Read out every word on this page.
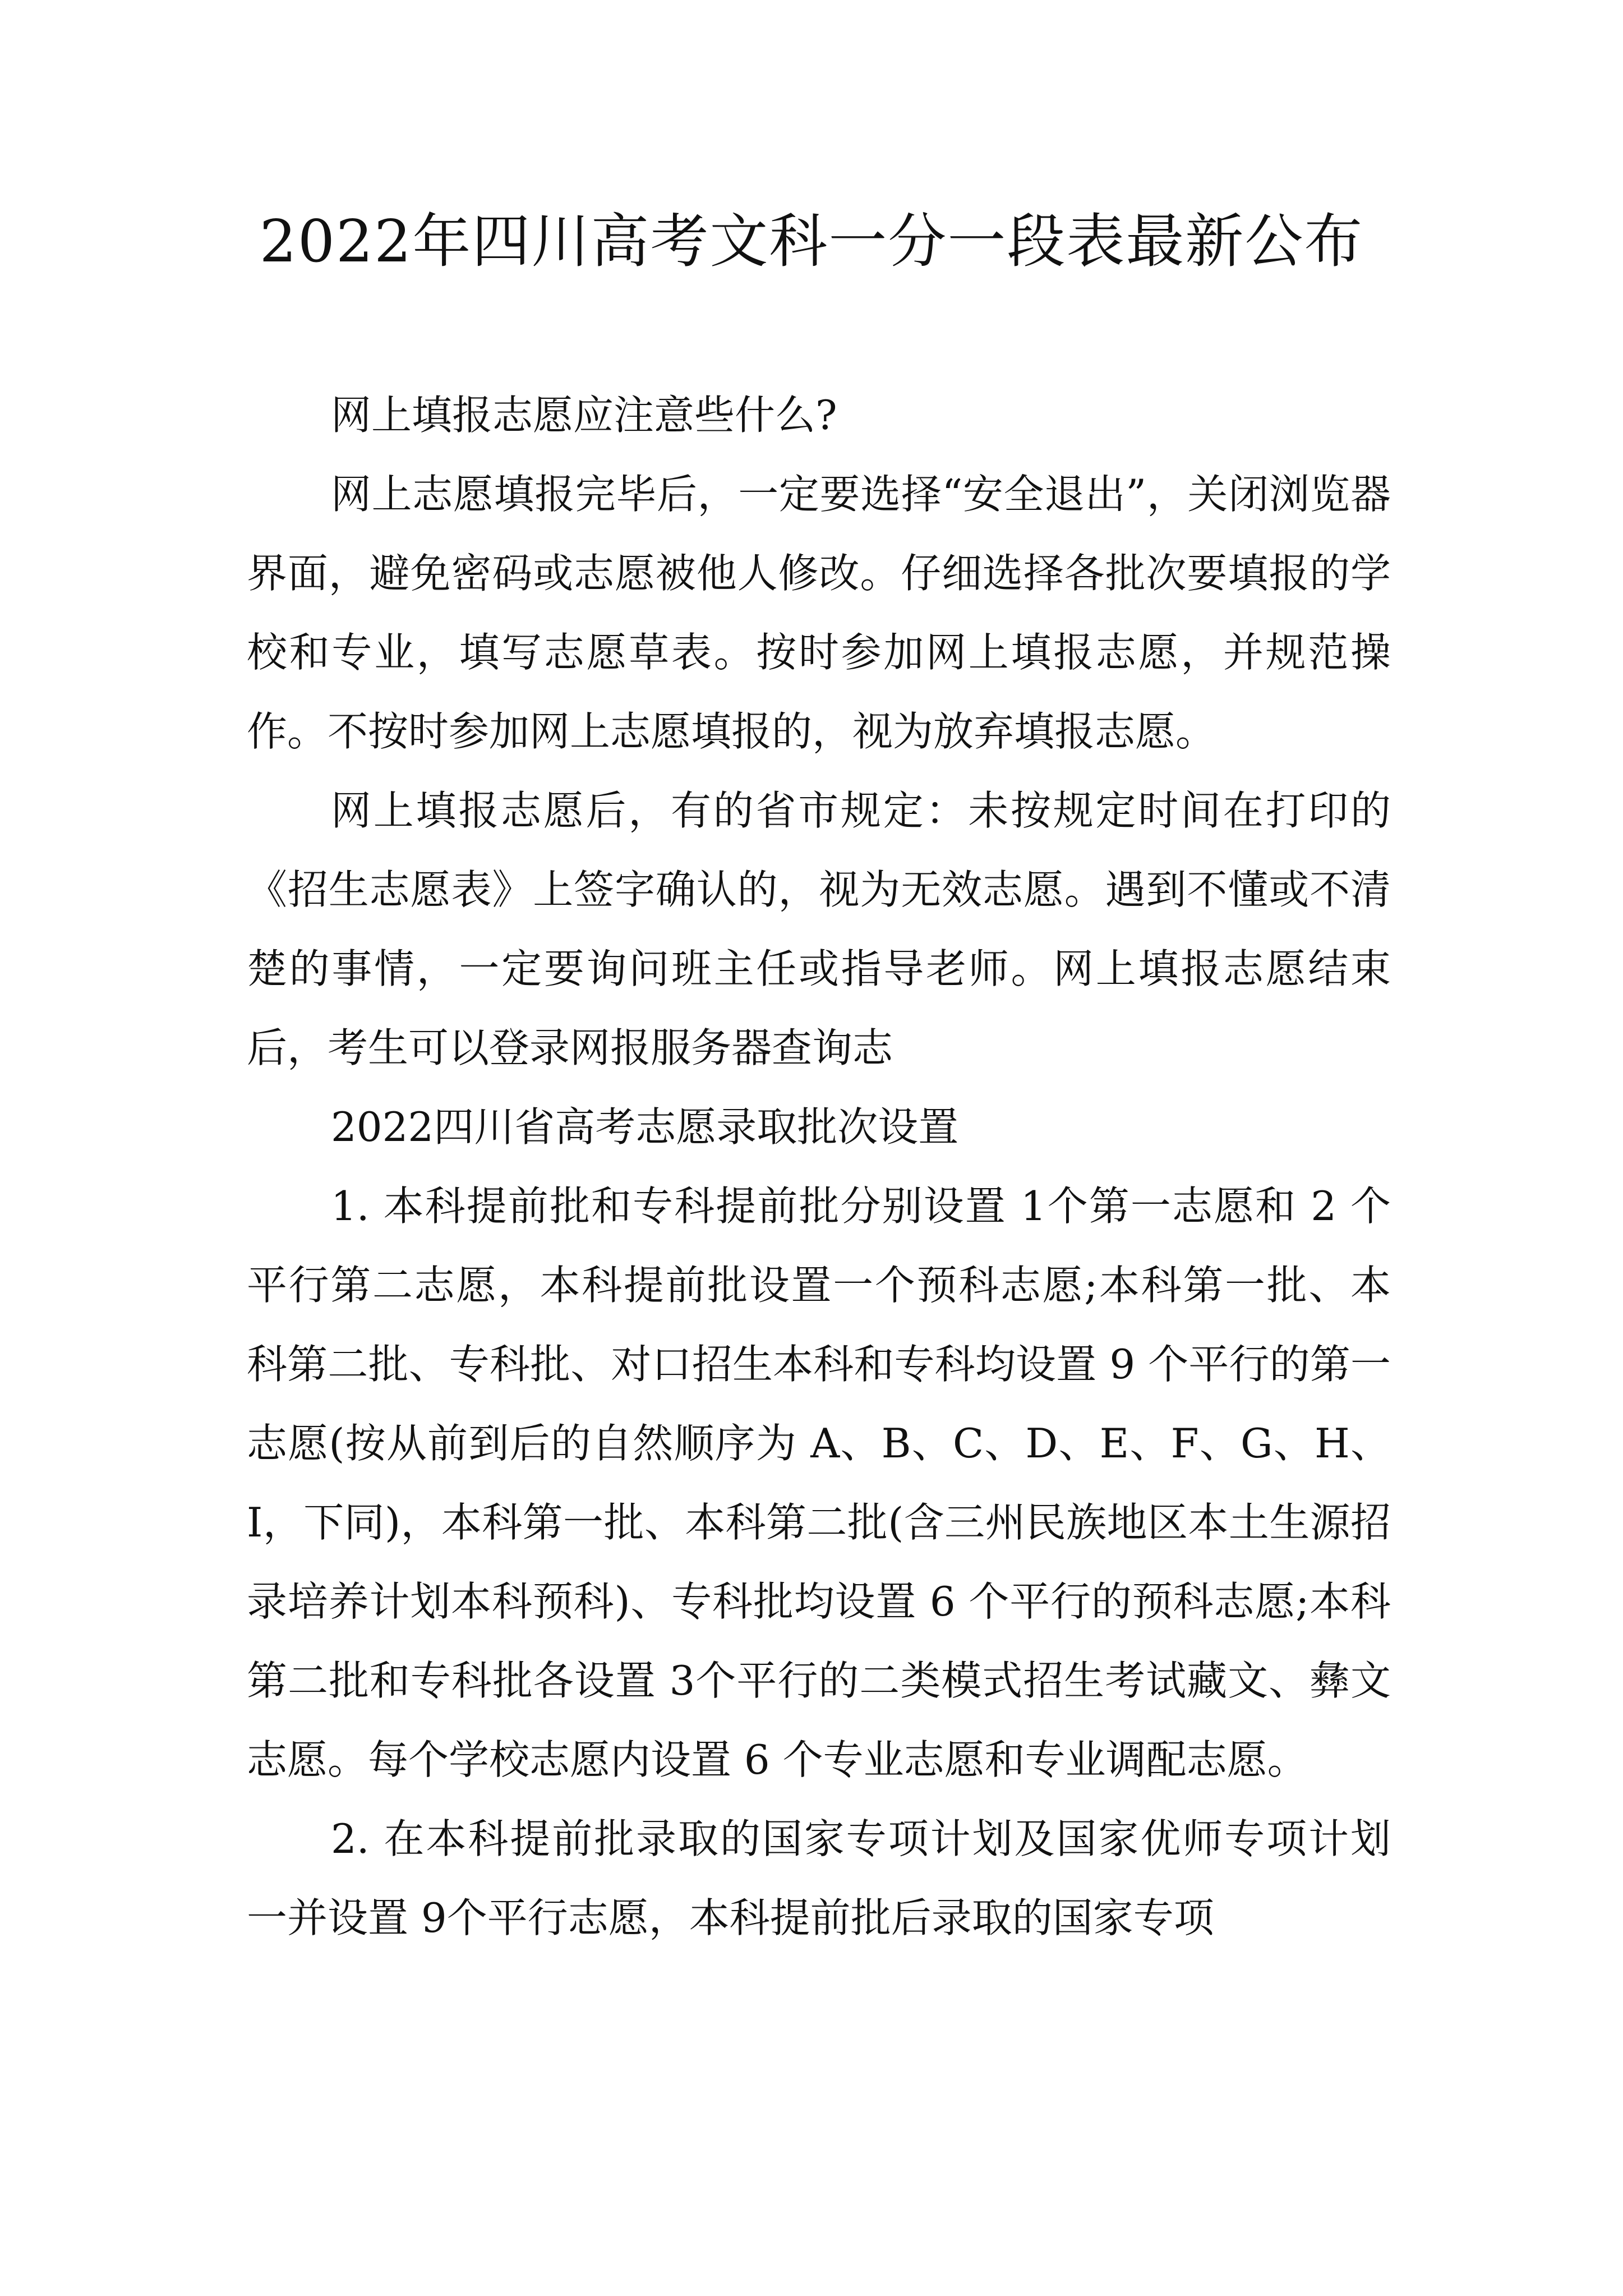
2022年四川高考文科一分一段表最新公布

网上填报志愿应注意些什么?

网上志愿填报完毕后，一定要选择“安全退出”，关闭浏览器界面，避免密码或志愿被他人修改。仔细选择各批次要填报的学校和专业，填写志愿草表。按时参加网上填报志愿，并规范操作。不按时参加网上志愿填报的，视为放弃填报志愿。

网上填报志愿后，有的省市规定：未按规定时间在打印的《招生志愿表》上签字确认的，视为无效志愿。遇到不懂或不清楚的事情，一定要询问班主任或指导老师。网上填报志愿结束后，考生可以登录网报服务器查询志

2022四川省高考志愿录取批次设置

1. 本科提前批和专科提前批分别设置 1个第一志愿和 2 个平行第二志愿，本科提前批设置一个预科志愿;本科第一批、本科第二批、专科批、对口招生本科和专科均设置 9 个平行的第一志愿(按从前到后的自然顺序为 A、B、C、D、E、F、G、H、 I，下同)，本科第一批、本科第二批(含三州民族地区本土生源招录培养计划本科预科)、专科批均设置 6 个平行的预科志愿;本科第二批和专科批各设置 3个平行的二类模式招生考试藏文、彝文志愿。每个学校志愿内设置 6 个专业志愿和专业调配志愿。

2. 在本科提前批录取的国家专项计划及国家优师专项计划一并设置 9个平行志愿，本科提前批后录取的国家专项
